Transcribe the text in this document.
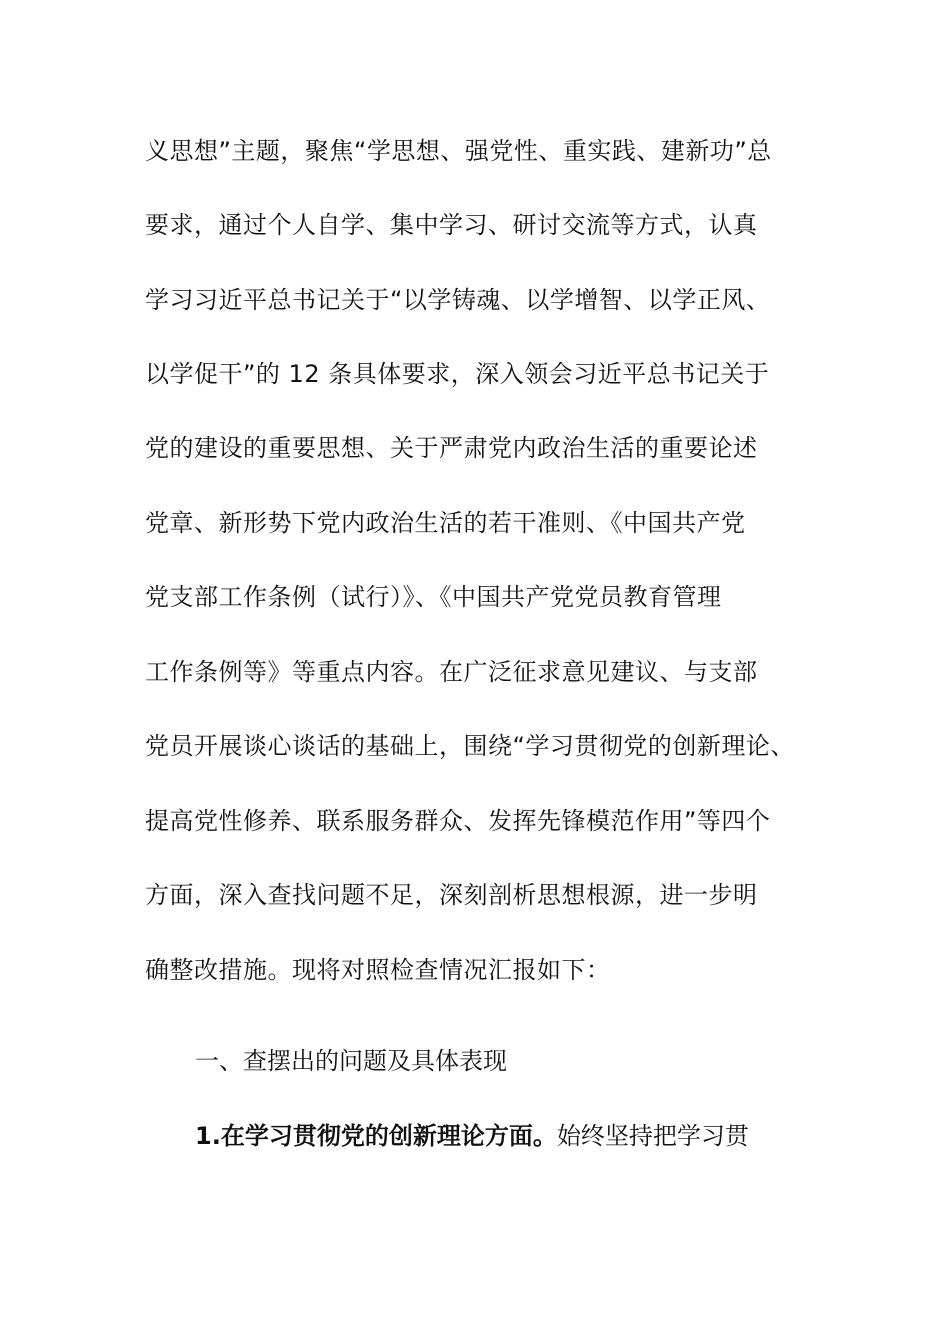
义思想”主题，聚焦“学思想、强党性、重实践、建新功”总
要求，通过个人自学、集中学习、研讨交流等方式，认真
学习习近平总书记关于“以学铸魂、以学增智、以学正风、
以学促干”的 12 条具体要求，深入领会习近平总书记关于
党的建设的重要思想、关于严肃党内政治生活的重要论述
党章、新形势下党内政治生活的若干准则、《中国共产党
党支部工作条例（试行）》、《中国共产党党员教育管理
工作条例等》等重点内容。在广泛征求意见建议、与支部
党员开展谈心谈话的基础上，围绕“学习贯彻党的创新理论、
提高党性修养、联系服务群众、发挥先锋模范作用”等四个
方面，深入查找问题不足，深刻剖析思想根源，进一步明
确整改措施。现将对照检查情况汇报如下：
一、查摆出的问题及具体表现
1.在学习贯彻党的创新理论方面。始终坚持把学习贯
